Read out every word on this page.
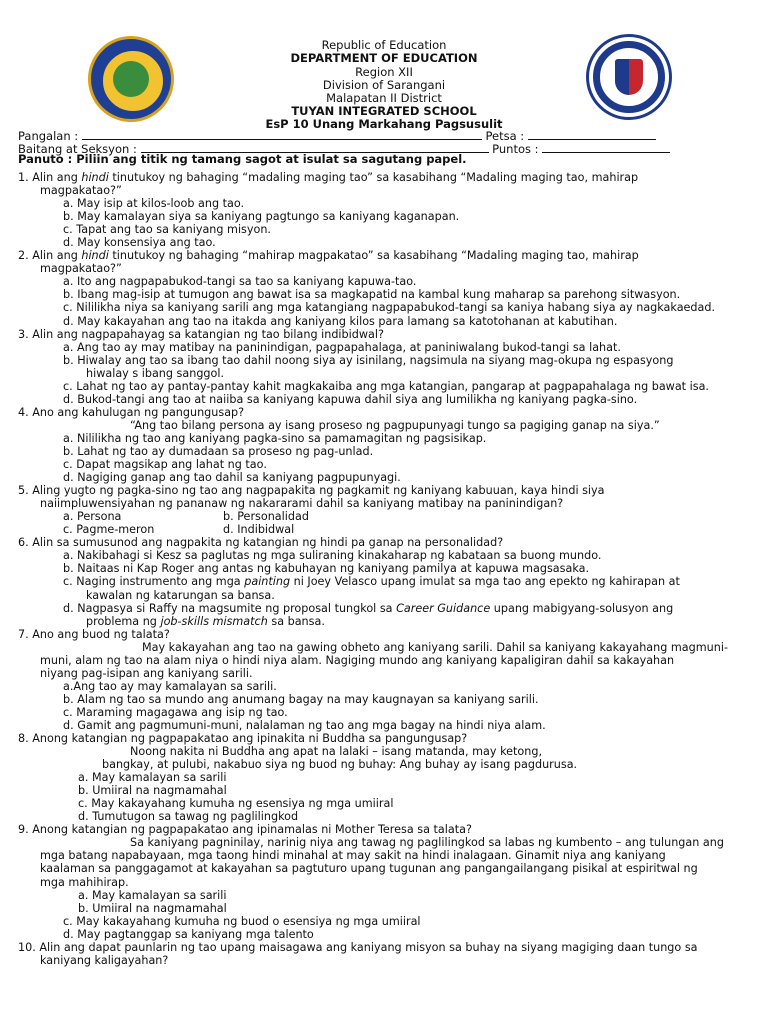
Republic of Education
DEPARTMENT OF EDUCATION
Region XII
Division of Sarangani
Malapatan II District
TUYAN INTEGRATED SCHOOL
EsP 10 Unang Markahang Pagsusulit
Pangalan :	Petsa :
Baitang at Seksyon :	Puntos :
Panuto : Piliin ang titik ng tamang sagot at isulat sa sagutang papel.
1. Alin ang hindi tinutukoy ng bahaging “madaling maging tao” sa kasabihang “Madaling maging tao, mahirap
magpakatao?”
a. May isip at kilos-loob ang tao.
b. May kamalayan siya sa kaniyang pagtungo sa kaniyang kaganapan.
c. Tapat ang tao sa kaniyang misyon.
d. May konsensiya ang tao.
2. Alin ang hindi tinutukoy ng bahaging “mahirap magpakatao” sa kasabihang “Madaling maging tao, mahirap
magpakatao?”
a. Ito ang nagpapabukod-tangi sa tao sa kaniyang kapuwa-tao.
b. Ibang mag-isip at tumugon ang bawat isa sa magkapatid na kambal kung maharap sa parehong sitwasyon.
c. Nililikha niya sa kaniyang sarili ang mga katangiang nagpapabukod-tangi sa kaniya habang siya ay nagkakaedad.
d. May kakayahan ang tao na itakda ang kaniyang kilos para lamang sa katotohanan at kabutihan.
3. Alin ang nagpapahayag sa katangian ng tao bilang indibidwal?
a. Ang tao ay may matibay na paninindigan, pagpapahalaga, at paniniwalang bukod-tangi sa lahat.
b. Hiwalay ang tao sa ibang tao dahil noong siya ay isinilang, nagsimula na siyang mag-okupa ng espasyong
hiwalay s ibang sanggol.
c. Lahat ng tao ay pantay-pantay kahit magkakaiba ang mga katangian, pangarap at pagpapahalaga ng bawat isa.
d. Bukod-tangi ang tao at naiiba sa kaniyang kapuwa dahil siya ang lumilikha ng kaniyang pagka-sino.
4. Ano ang kahulugan ng pangungusap?
“Ang tao bilang persona ay isang proseso ng pagpupunyagi tungo sa pagiging ganap na siya.”
a. Nililikha ng tao ang kaniyang pagka-sino sa pamamagitan ng pagsisikap.
b. Lahat ng tao ay dumadaan sa proseso ng pag-unlad.
c. Dapat magsikap ang lahat ng tao.
d. Nagiging ganap ang tao dahil sa kaniyang pagpupunyagi.
5. Aling yugto ng pagka-sino ng tao ang nagpapakita ng pagkamit ng kaniyang kabuuan, kaya hindi siya
naiimpluwensiyahan ng pananaw ng nakararami dahil sa kaniyang matibay na paninindigan?
a. Persona	b. Personalidad
c. Pagme-meron	d. Indibidwal
6. Alin sa sumusunod ang nagpakita ng katangian ng hindi pa ganap na personalidad?
a. Nakibahagi si Kesz sa paglutas ng mga suliraning kinakaharap ng kabataan sa buong mundo.
b. Naitaas ni Kap Roger ang antas ng kabuhayan ng kaniyang pamilya at kapuwa magsasaka.
c. Naging instrumento ang mga painting ni Joey Velasco upang imulat sa mga tao ang epekto ng kahirapan at
kawalan ng katarungan sa bansa.
d. Nagpasya si Raffy na magsumite ng proposal tungkol sa Career Guidance upang mabigyang-solusyon ang
problema ng job-skills mismatch sa bansa.
7. Ano ang buod ng talata?
May kakayahan ang tao na gawing obheto ang kaniyang sarili. Dahil sa kaniyang kakayahang magmuni-
muni, alam ng tao na alam niya o hindi niya alam. Nagiging mundo ang kaniyang kapaligiran dahil sa kakayahan
niyang pag-isipan ang kaniyang sarili.
a.Ang tao ay may kamalayan sa sarili.
b. Alam ng tao sa mundo ang anumang bagay na may kaugnayan sa kaniyang sarili.
c. Maraming magagawa ang isip ng tao.
d. Gamit ang pagmumuni-muni, nalalaman ng tao ang mga bagay na hindi niya alam.
8. Anong katangian ng pagpapakatao ang ipinakita ni Buddha sa pangungusap?
Noong nakita ni Buddha ang apat na lalaki – isang matanda, may ketong,
bangkay, at pulubi, nakabuo siya ng buod ng buhay: Ang buhay ay isang pagdurusa.
a. May kamalayan sa sarili
b. Umiiral na nagmamahal
c. May kakayahang kumuha ng esensiya ng mga umiiral
d. Tumutugon sa tawag ng paglilingkod
9. Anong katangian ng pagpapakatao ang ipinamalas ni Mother Teresa sa talata?
Sa kaniyang pagninilay, narinig niya ang tawag ng paglilingkod sa labas ng kumbento – ang tulungan ang
mga batang napabayaan, mga taong hindi minahal at may sakit na hindi inalagaan. Ginamit niya ang kaniyang
kaalaman sa panggagamot at kakayahan sa pagtuturo upang tugunan ang pangangailangang pisikal at espiritwal ng
mga mahihirap.
a. May kamalayan sa sarili
b. Umiiral na nagmamahal
c. May kakayahang kumuha ng buod o esensiya ng mga umiiral
d. May pagtanggap sa kaniyang mga talento
10. Alin ang dapat paunlarin ng tao upang maisagawa ang kaniyang misyon sa buhay na siyang magiging daan tungo sa
kaniyang kaligayahan?
